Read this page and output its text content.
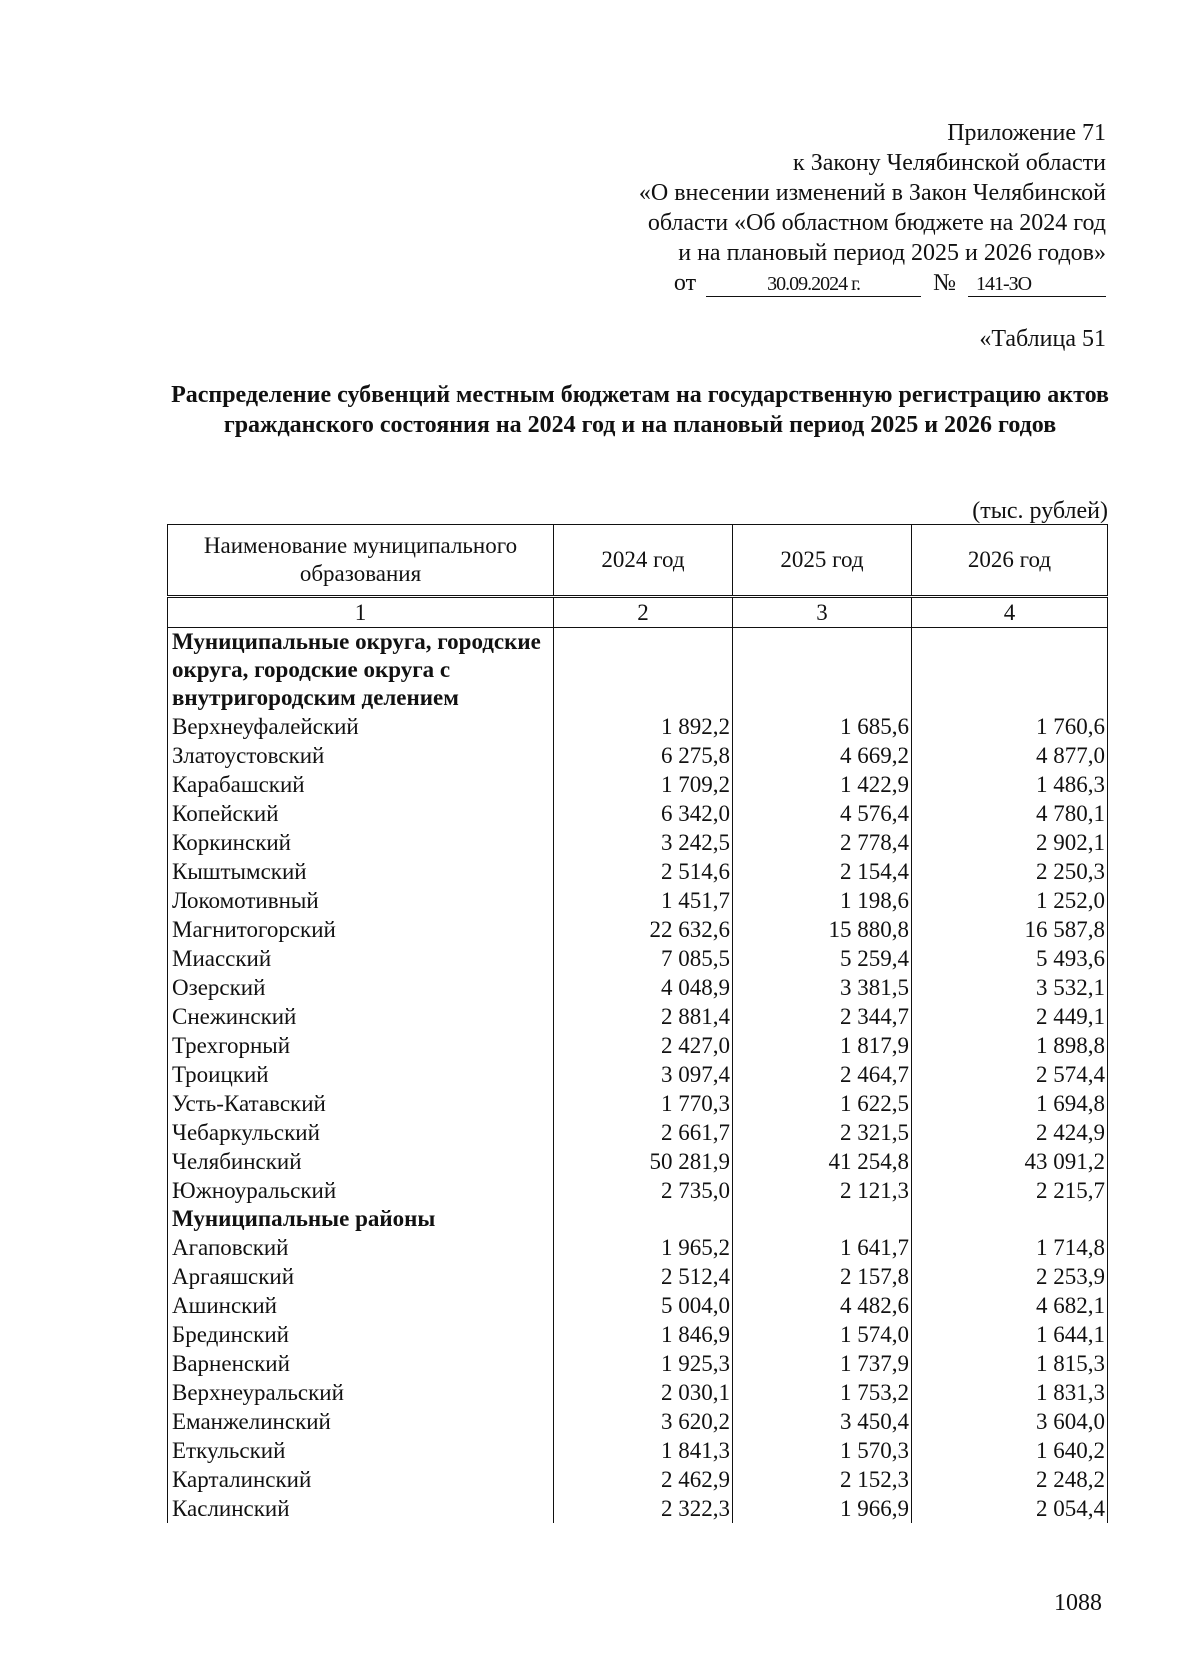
Приложение 71
к Закону Челябинской области
«О внесении изменений в Закон Челябинской
области «Об областном бюджете на 2024 год
и на плановый период 2025 и 2026 годов»
от	30.09.2024 г.	№ 141-ЗО
«Таблица 51
Распределение субвенций местным бюджетам на государственную регистрацию актов гражданского состояния на 2024 год и на плановый период 2025 и 2026 годов
(тыс. рублей)
Наименование муниципального образования	2024 год	2025 год	2026 год
1	2	3	4
Муниципальные округа, городские округа, городские округа с внутригородским делением			
Верхнеуфалейский	1 892,2	1 685,6	1 760,6
Златоустовский	6 275,8	4 669,2	4 877,0
Карабашский	1 709,2	1 422,9	1 486,3
Копейский	6 342,0	4 576,4	4 780,1
Коркинский	3 242,5	2 778,4	2 902,1
Кыштымский	2 514,6	2 154,4	2 250,3
Локомотивный	1 451,7	1 198,6	1 252,0
Магнитогорский	22 632,6	15 880,8	16 587,8
Миасский	7 085,5	5 259,4	5 493,6
Озерский	4 048,9	3 381,5	3 532,1
Снежинский	2 881,4	2 344,7	2 449,1
Трехгорный	2 427,0	1 817,9	1 898,8
Троицкий	3 097,4	2 464,7	2 574,4
Усть-Катавский	1 770,3	1 622,5	1 694,8
Чебаркульский	2 661,7	2 321,5	2 424,9
Челябинский	50 281,9	41 254,8	43 091,2
Южноуральский	2 735,0	2 121,3	2 215,7
Муниципальные районы			
Агаповский	1 965,2	1 641,7	1 714,8
Аргаяшский	2 512,4	2 157,8	2 253,9
Ашинский	5 004,0	4 482,6	4 682,1
Брединский	1 846,9	1 574,0	1 644,1
Варненский	1 925,3	1 737,9	1 815,3
Верхнеуральский	2 030,1	1 753,2	1 831,3
Еманжелинский	3 620,2	3 450,4	3 604,0
Еткульский	1 841,3	1 570,3	1 640,2
Карталинский	2 462,9	2 152,3	2 248,2
Каслинский	2 322,3	1 966,9	2 054,4
1088
